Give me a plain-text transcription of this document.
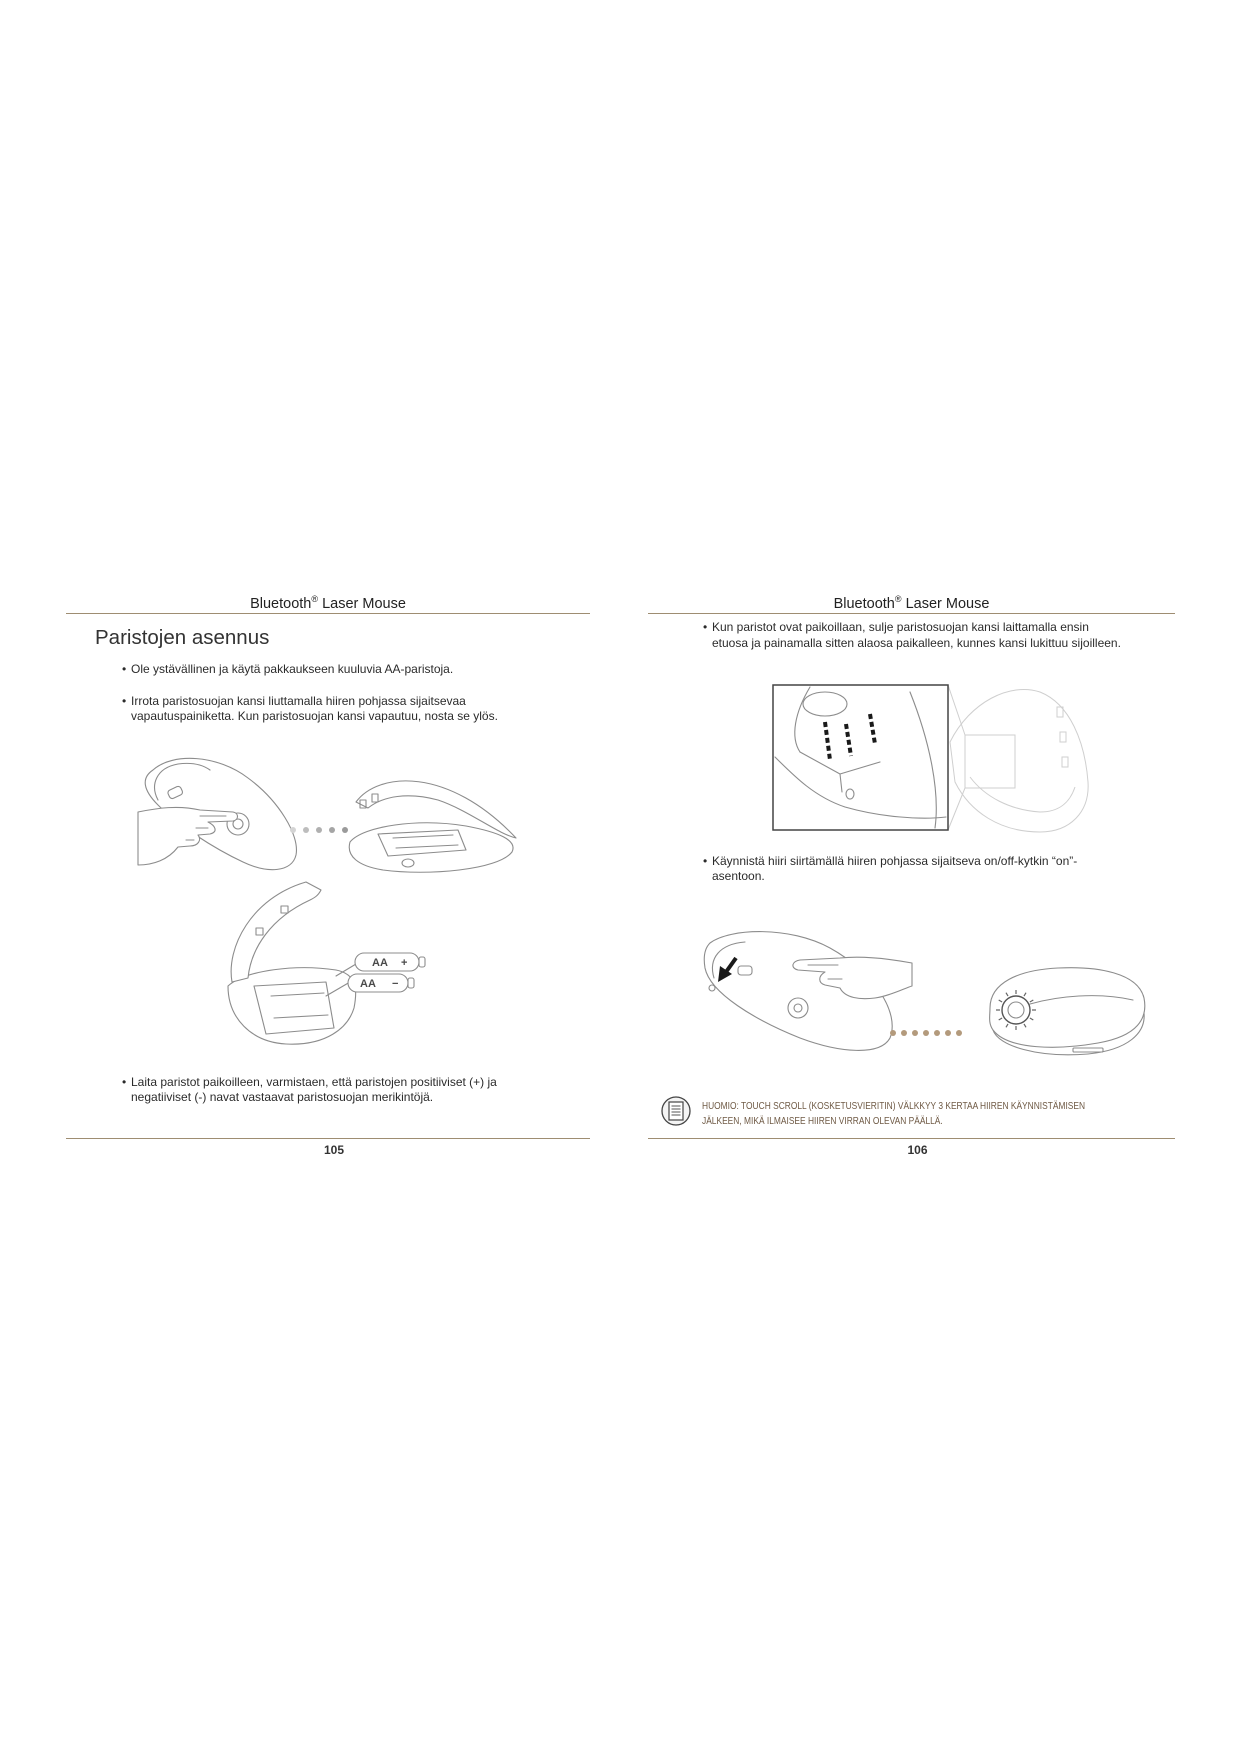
Bluetooth® Laser Mouse
Paristojen asennus
• Ole ystävällinen ja käytä pakkaukseen kuuluvia AA-paristoja.
• Irrota paristosuojan kansi liuttamalla hiiren pohjassa sijaitsevaa
vapautuspainiketta. Kun paristosuojan kansi vapautuu, nosta se ylös.
AA +
AA −
• Laita paristot paikoilleen, varmistaen, että paristojen positiiviset (+) ja
negatiiviset (-) navat vastaavat paristosuojan merikintöjä.
105
Bluetooth® Laser Mouse
• Kun paristot ovat paikoillaan, sulje paristosuojan kansi laittamalla ensin
etuosa ja painamalla sitten alaosa paikalleen, kunnes kansi lukittuu sijoilleen.
• Käynnistä hiiri siirtämällä hiiren pohjassa sijaitseva on/off-kytkin “on”-
asentoon.
HUOMIO: TOUCH SCROLL (KOSKETUSVIERITIN) VÄLKKYY 3 KERTAA HIIREN KÄYNNISTÄMISEN
JÄLKEEN, MIKÄ ILMAISEE HIIREN VIRRAN OLEVAN PÄÄLLÄ.
106
